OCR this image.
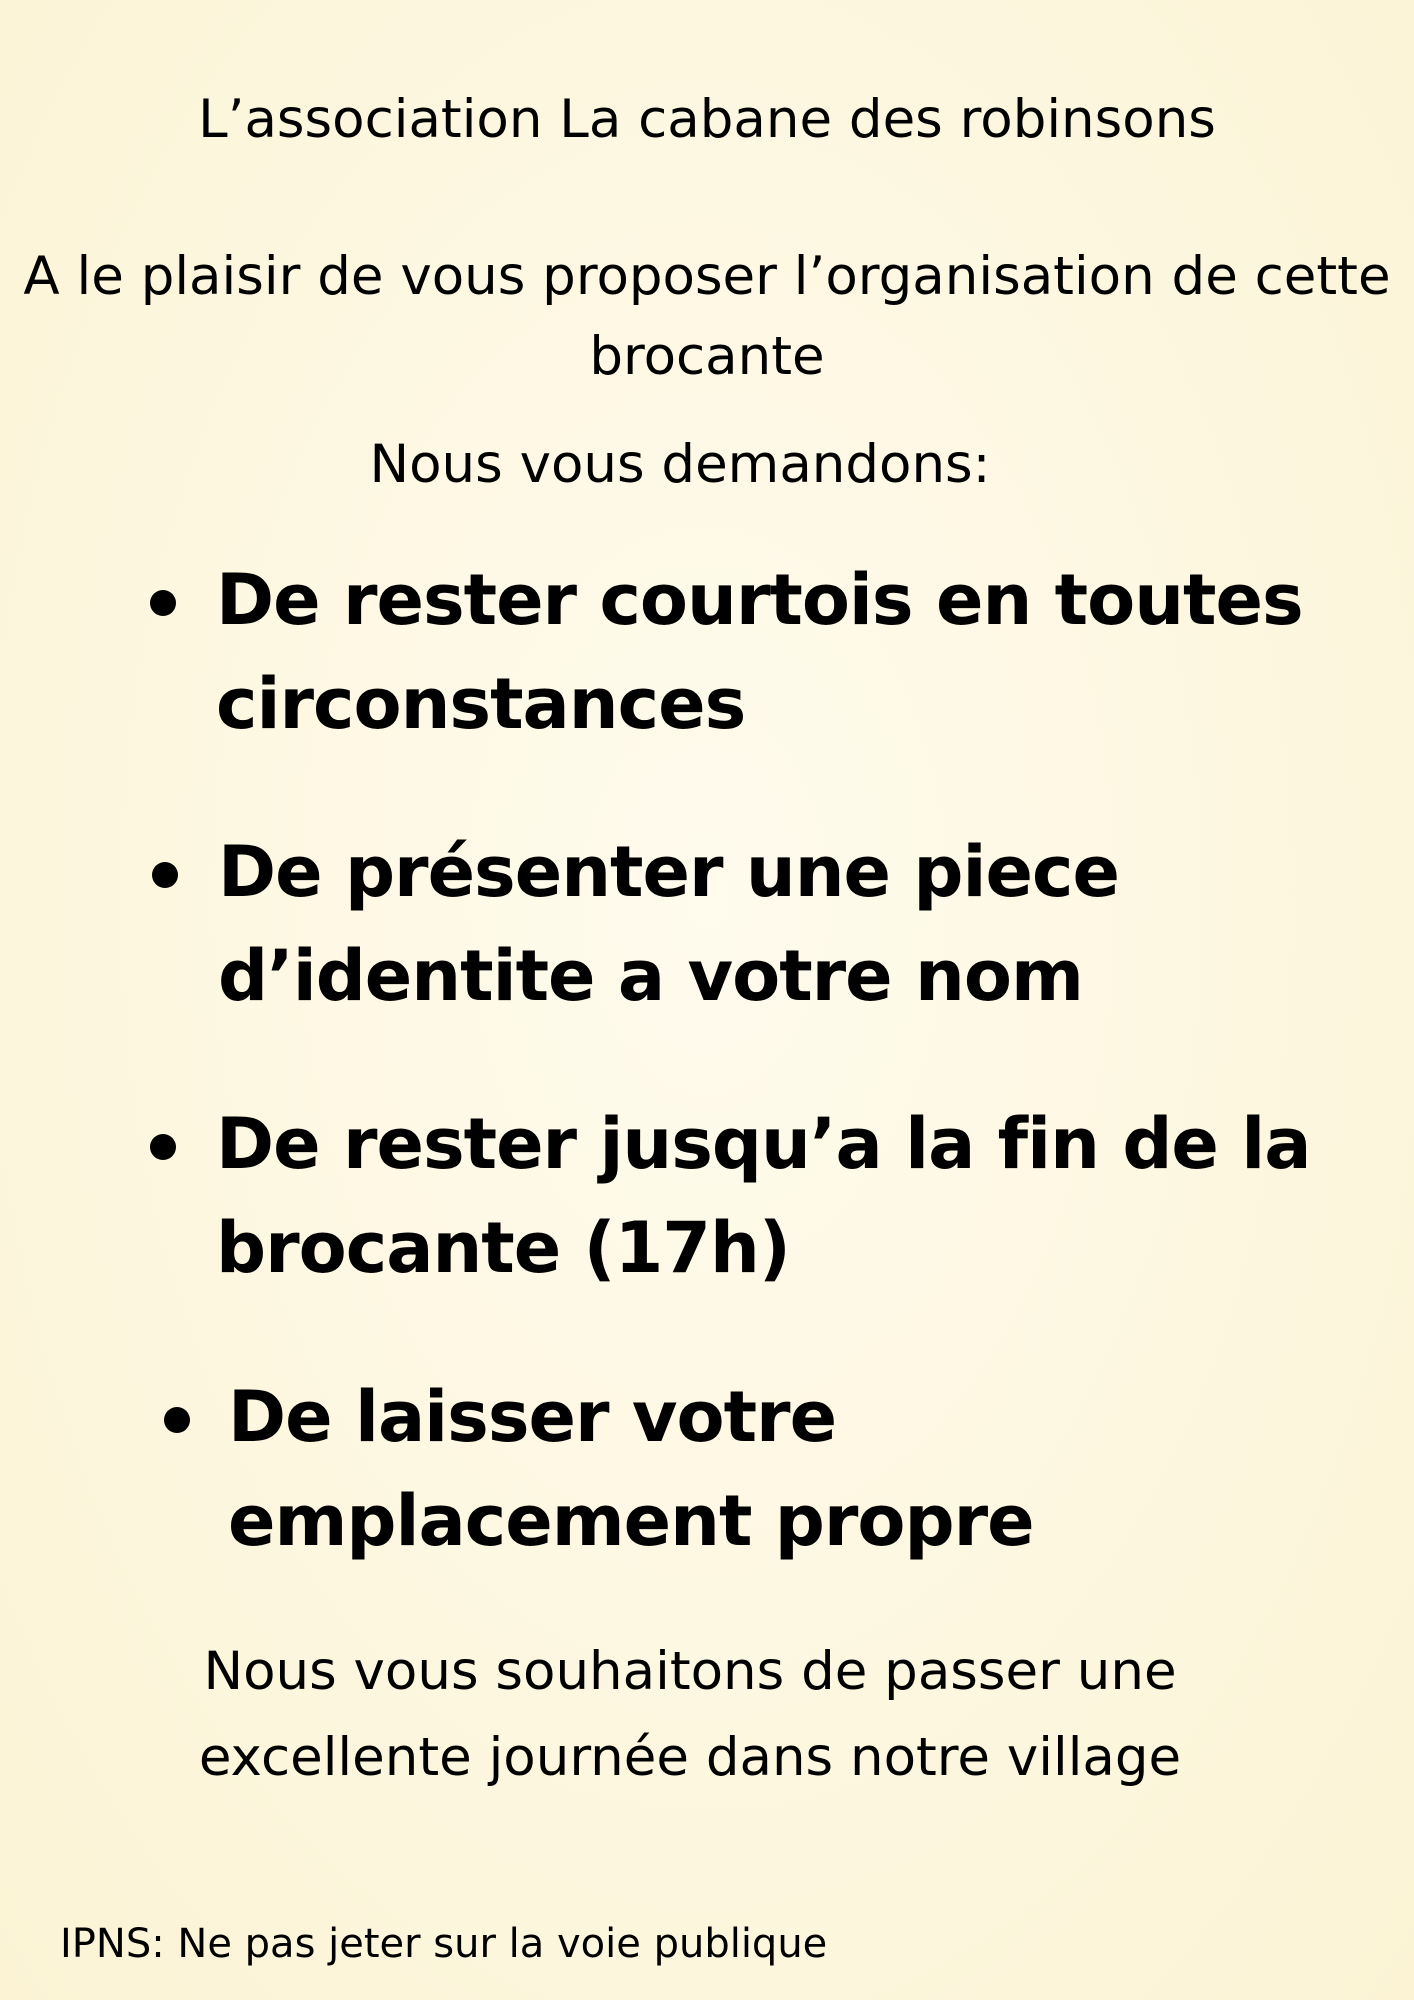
L’association La cabane des robinsons

A le plaisir de vous proposer l’organisation de cette brocante

Nous vous demandons:

De rester courtois en toutes circonstances
De présenter une piece d’identite a votre nom
De rester jusqu’a la fin de la brocante (17h)
De laisser votre emplacement propre

Nous vous souhaitons de passer une excellente journée dans notre village

IPNS: Ne pas jeter sur la voie publique
